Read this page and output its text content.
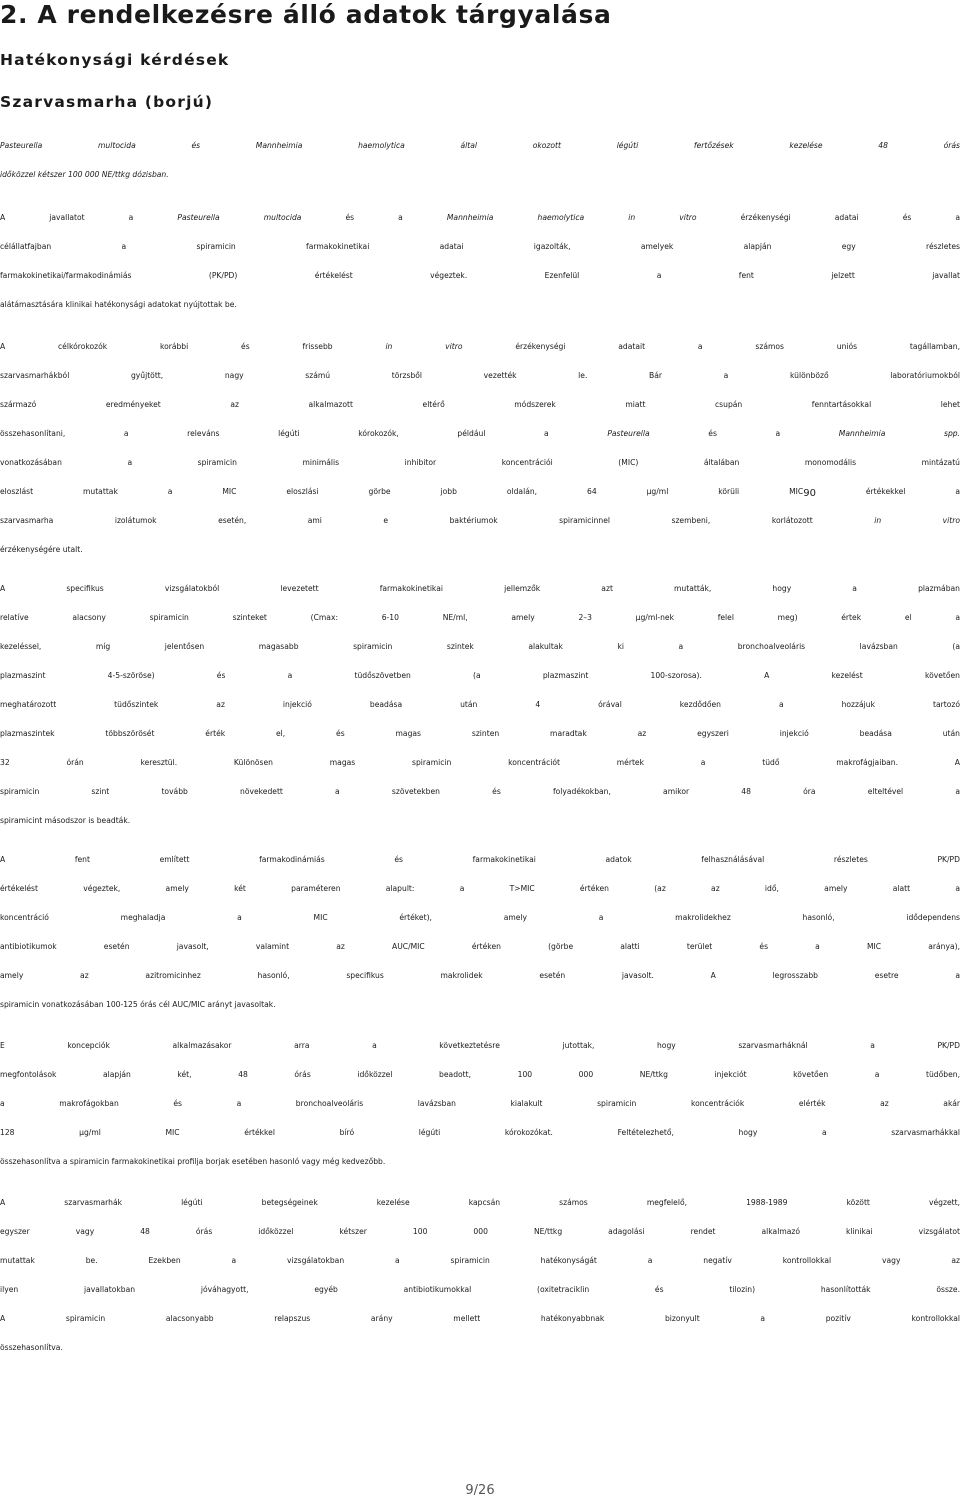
2. A rendelkezésre álló adatok tárgyalása
Hatékonysági kérdések
Szarvasmarha (borjú)
Pasteurella multocida és Mannheimia haemolytica által okozott légúti fertőzések kezelése 48 órás
időközzel kétszer 100 000 NE/ttkg dózisban.
A javallatot a Pasteurella multocida és a Mannheimia haemolytica in vitro érzékenységi adatai és a
célállatfajban a spiramicin farmakokinetikai adatai igazolták, amelyek alapján egy részletes
farmakokinetikai/farmakodinámiás (PK/PD) értékelést végeztek. Ezenfelül a fent jelzett javallat
alátámasztására klinikai hatékonysági adatokat nyújtottak be.
A célkórokozók korábbi és frissebb in vitro érzékenységi adatait a számos uniós tagállamban,
szarvasmarhákból gyűjtött, nagy számú törzsből vezették le. Bár a különböző laboratóriumokból
származó eredményeket az alkalmazott eltérő módszerek miatt csupán fenntartásokkal lehet
összehasonlítani, a releváns légúti kórokozók, például a Pasteurella és a Mannheimia spp.
vonatkozásában a spiramicin minimális inhibitor koncentrációi (MIC) általában monomodális mintázatú
eloszlást mutattak a MIC eloszlási görbe jobb oldalán, 64 µg/ml körüli $MIC_{90}$ értékekkel a
szarvasmarha izolátumok esetén, ami e baktériumok spiramicinnel szembeni, korlátozott in vitro
érzékenységére utalt.
A specifikus vizsgálatokból levezetett farmakokinetikai jellemzők azt mutatták, hogy a plazmában
relatíve alacsony spiramicin szinteket (Cmax: 6-10 NE/ml, amely 2–3 µg/ml-nek felel meg) értek el a
kezeléssel, míg jelentősen magasabb spiramicin szintek alakultak ki a bronchoalveoláris lavázsban (a
plazmaszint 4-5-szöröse) és a tüdőszövetben (a plazmaszint 100-szorosa). A kezelést követően
meghatározott tüdőszintek az injekció beadása után 4 órával kezdődően a hozzájuk tartozó
plazmaszintek többszörösét érték el, és magas szinten maradtak az egyszeri injekció beadása után
32 órán keresztül. Különösen magas spiramicin koncentrációt mértek a tüdő makrofágjaiban. A
spiramicin szint tovább növekedett a szövetekben és folyadékokban, amikor 48 óra elteltével a
spiramicint másodszor is beadták.
A fent említett farmakodinámiás és farmakokinetikai adatok felhasználásával részletes PK/PD
értékelést végeztek, amely két paraméteren alapult: a T>MIC értéken (az az idő, amely alatt a
koncentráció meghaladja a MIC értéket), amely a makrolidekhez hasonló, idődependens
antibiotikumok esetén javasolt, valamint az AUC/MIC értéken (görbe alatti terület és a MIC aránya),
amely az azitromicinhez hasonló, specifikus makrolidek esetén javasolt. A legrosszabb esetre a
spiramicin vonatkozásában 100-125 órás cél AUC/MIC arányt javasoltak.
E koncepciók alkalmazásakor arra a következtetésre jutottak, hogy szarvasmarháknál a PK/PD
megfontolások alapján két, 48 órás időközzel beadott, 100 000 NE/ttkg injekciót követően a tüdőben,
a makrofágokban és a bronchoalveoláris lavázsban kialakult spiramicin koncentrációk elérték az akár
128 µg/ml MIC értékkel bíró légúti kórokozókat. Feltételezhető, hogy a szarvasmarhákkal
összehasonlítva a spiramicin farmakokinetikai profilja borjak esetében hasonló vagy még kedvezőbb.
A szarvasmarhák légúti betegségeinek kezelése kapcsán számos megfelelő, 1988-1989 között végzett,
egyszer vagy 48 órás időközzel kétszer 100 000 NE/ttkg adagolási rendet alkalmazó klinikai vizsgálatot
mutattak be. Ezekben a vizsgálatokban a spiramicin hatékonyságát a negatív kontrollokkal vagy az
ilyen javallatokban jóváhagyott, egyéb antibiotikumokkal (oxitetraciklin és tilozin) hasonlították össze.
A spiramicin alacsonyabb relapszus arány mellett hatékonyabbnak bizonyult a pozitív kontrollokkal
összehasonlítva.
9/26
